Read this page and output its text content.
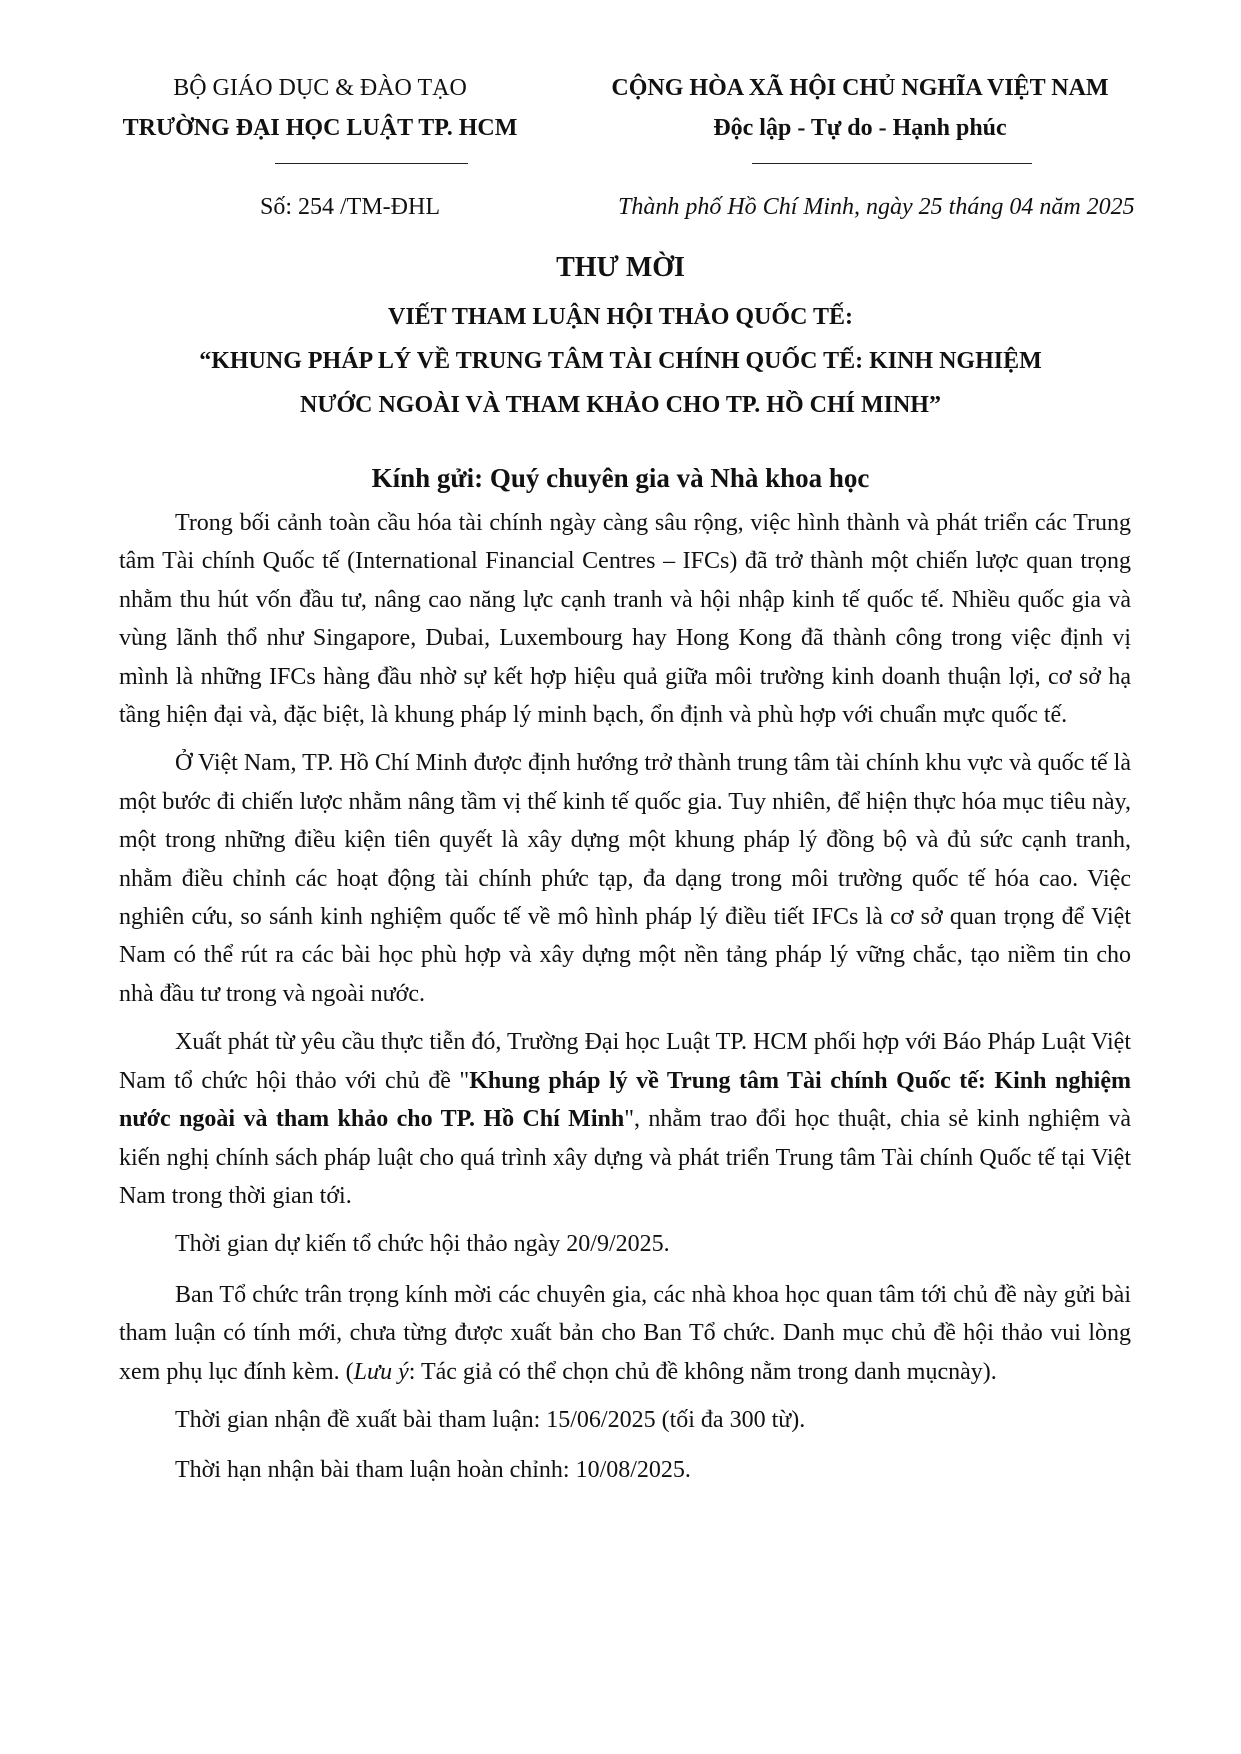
BỘ GIÁO DỤC & ĐÀO TẠO
TRƯỜNG ĐẠI HỌC LUẬT TP. HCM
CỘNG HÒA XÃ HỘI CHỦ NGHĨA VIỆT NAM
Độc lập - Tự do - Hạnh phúc
Số: 254 /TM-ĐHL	Thành phố Hồ Chí Minh, ngày 25 tháng 04 năm 2025
THƯ MỜI
VIẾT THAM LUẬN HỘI THẢO QUỐC TẾ:
“KHUNG PHÁP LÝ VỀ TRUNG TÂM TÀI CHÍNH QUỐC TẾ: KINH NGHIỆM
NƯỚC NGOÀI VÀ THAM KHẢO CHO TP. HỒ CHÍ MINH”
Kính gửi: Quý chuyên gia và Nhà khoa học

Trong bối cảnh toàn cầu hóa tài chính ngày càng sâu rộng, việc hình thành và phát triển các Trung tâm Tài chính Quốc tế (International Financial Centres – IFCs) đã trở thành một chiến lược quan trọng nhằm thu hút vốn đầu tư, nâng cao năng lực cạnh tranh và hội nhập kinh tế quốc tế. Nhiều quốc gia và vùng lãnh thổ như Singapore, Dubai, Luxembourg hay Hong Kong đã thành công trong việc định vị mình là những IFCs hàng đầu nhờ sự kết hợp hiệu quả giữa môi trường kinh doanh thuận lợi, cơ sở hạ tầng hiện đại và, đặc biệt, là khung pháp lý minh bạch, ổn định và phù hợp với chuẩn mực quốc tế.

Ở Việt Nam, TP. Hồ Chí Minh được định hướng trở thành trung tâm tài chính khu vực và quốc tế là một bước đi chiến lược nhằm nâng tầm vị thế kinh tế quốc gia. Tuy nhiên, để hiện thực hóa mục tiêu này, một trong những điều kiện tiên quyết là xây dựng một khung pháp lý đồng bộ và đủ sức cạnh tranh, nhằm điều chỉnh các hoạt động tài chính phức tạp, đa dạng trong môi trường quốc tế hóa cao. Việc nghiên cứu, so sánh kinh nghiệm quốc tế về mô hình pháp lý điều tiết IFCs là cơ sở quan trọng để Việt Nam có thể rút ra các bài học phù hợp và xây dựng một nền tảng pháp lý vững chắc, tạo niềm tin cho nhà đầu tư trong và ngoài nước.

Xuất phát từ yêu cầu thực tiễn đó, Trường Đại học Luật TP. HCM phối hợp với Báo Pháp Luật Việt Nam tổ chức hội thảo với chủ đề "Khung pháp lý về Trung tâm Tài chính Quốc tế: Kinh nghiệm nước ngoài và tham khảo cho TP. Hồ Chí Minh", nhằm trao đổi học thuật, chia sẻ kinh nghiệm và kiến nghị chính sách pháp luật cho quá trình xây dựng và phát triển Trung tâm Tài chính Quốc tế tại Việt Nam trong thời gian tới.

Thời gian dự kiến tổ chức hội thảo ngày 20/9/2025.

Ban Tổ chức trân trọng kính mời các chuyên gia, các nhà khoa học quan tâm tới chủ đề này gửi bài tham luận có tính mới, chưa từng được xuất bản cho Ban Tổ chức. Danh mục chủ đề hội thảo vui lòng xem phụ lục đính kèm. (Lưu ý: Tác giả có thể chọn chủ đề không nằm trong danh mụcnày).

Thời gian nhận đề xuất bài tham luận: 15/06/2025 (tối đa 300 từ).

Thời hạn nhận bài tham luận hoàn chỉnh: 10/08/2025.
